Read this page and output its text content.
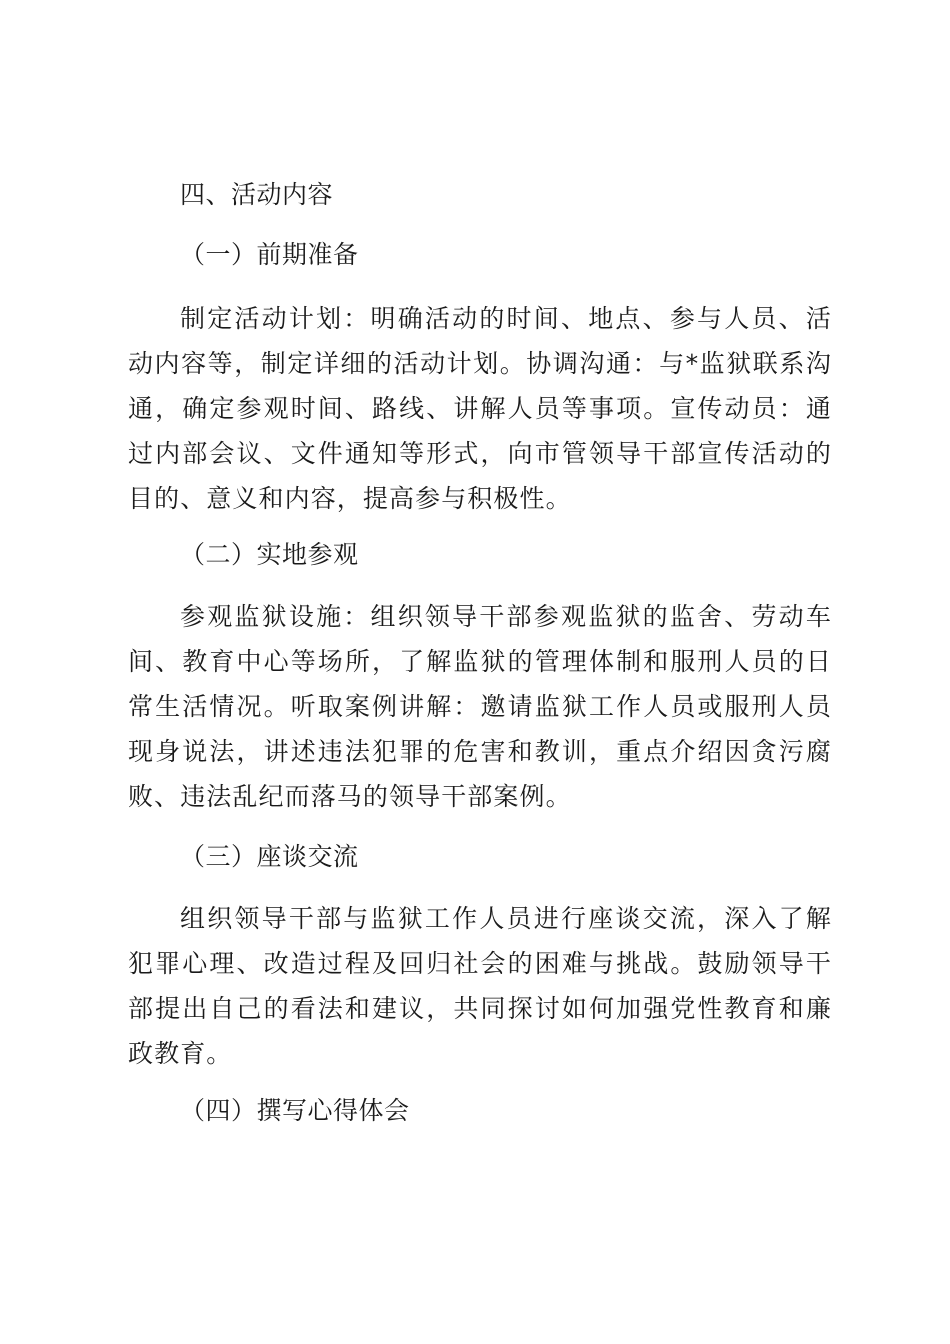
四、活动内容
（一）前期准备
制定活动计划：明确活动的时间、地点、参与人员、活动内容等，制定详细的活动计划。协调沟通：与*监狱联系沟通，确定参观时间、路线、讲解人员等事项。宣传动员：通过内部会议、文件通知等形式，向市管领导干部宣传活动的目的、意义和内容，提高参与积极性。
（二）实地参观
参观监狱设施：组织领导干部参观监狱的监舍、劳动车间、教育中心等场所，了解监狱的管理体制和服刑人员的日常生活情况。听取案例讲解：邀请监狱工作人员或服刑人员现身说法，讲述违法犯罪的危害和教训，重点介绍因贪污腐败、违法乱纪而落马的领导干部案例。
（三）座谈交流
组织领导干部与监狱工作人员进行座谈交流，深入了解犯罪心理、改造过程及回归社会的困难与挑战。鼓励领导干部提出自己的看法和建议，共同探讨如何加强党性教育和廉政教育。
（四）撰写心得体会
